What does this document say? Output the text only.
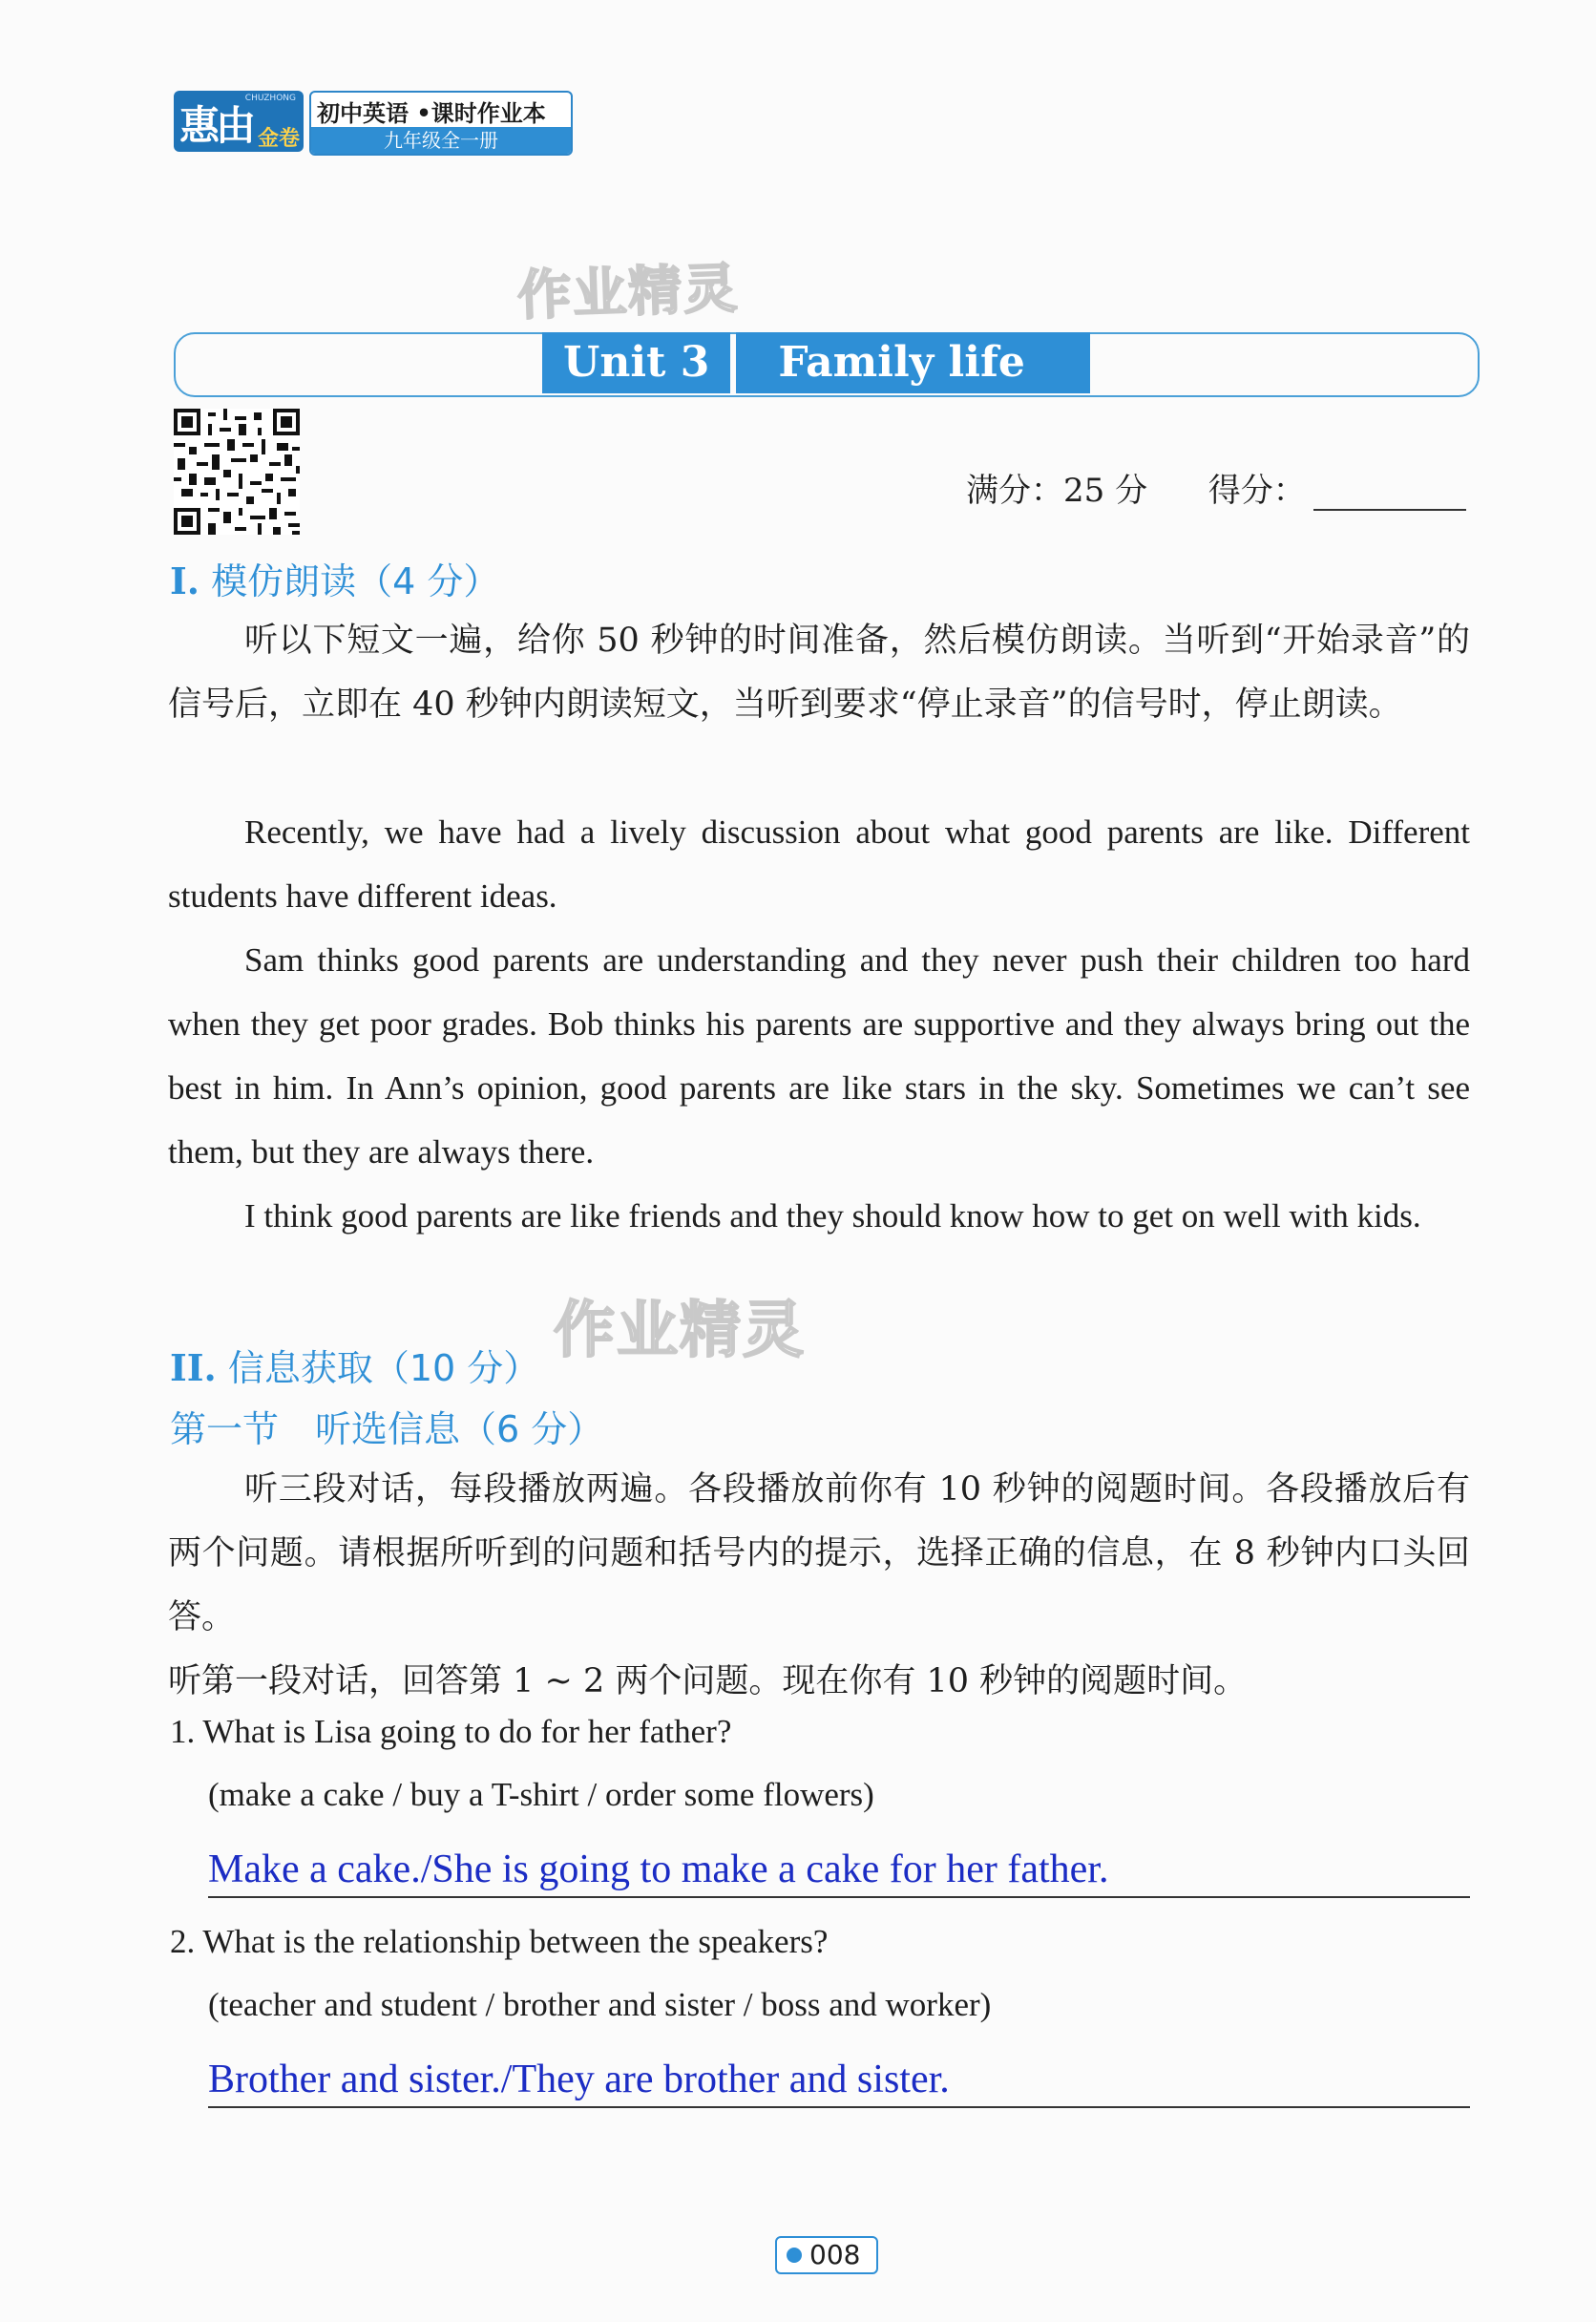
惠由
CHUZHONG
金卷
初中英语 •课时作业本
九年级全一册
作业精灵
Unit 3	Family life
满分：25 分 得分：
I. 模仿朗读（4 分）

听以下短文一遍，给你 50 秒钟的时间准备，然后模仿朗读。当听到“开始录音”的信号后，立即在 40 秒钟内朗读短文，当听到要求“停止录音”的信号时，停止朗读。

Recently, we have had a lively discussion about what good parents are like. Different students have different ideas.

Sam thinks good parents are understanding and they never push their children too hard when they get poor grades. Bob thinks his parents are supportive and they always bring out the best in him. In Ann’s opinion, good parents are like stars in the sky. Sometimes we can’t see them, but they are always there.

I think good parents are like friends and they should know how to get on well with kids.

作业精灵
II. 信息获取（10 分）
第一节　听选信息（6 分）

听三段对话，每段播放两遍。各段播放前你有 10 秒钟的阅题时间。各段播放后有两个问题。请根据所听到的问题和括号内的提示，选择正确的信息，在 8 秒钟内口头回答。

听第一段对话，回答第 1 ~ 2 两个问题。现在你有 10 秒钟的阅题时间。

1. What is Lisa going to do for her father?
(make a cake / buy a T-shirt / order some flowers)
Make a cake./She is going to make a cake for her father.
2. What is the relationship between the speakers?
(teacher and student / brother and sister / boss and worker)
Brother and sister./They are brother and sister.
008
